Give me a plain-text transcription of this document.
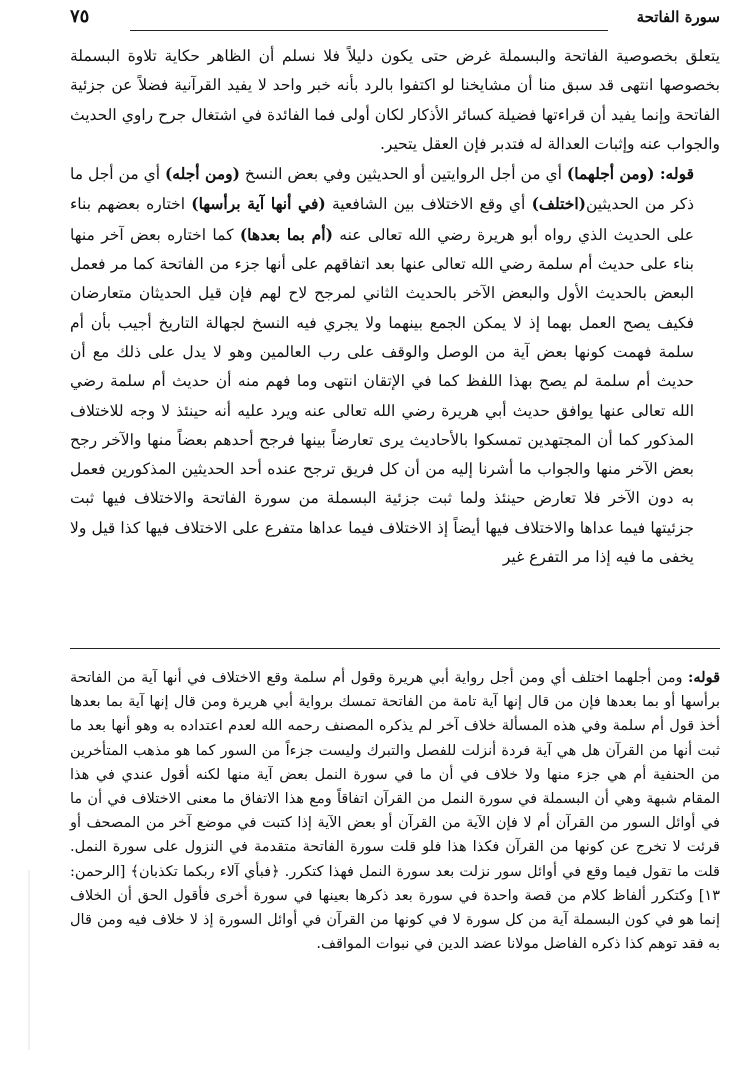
سورة الفاتحة
٧٥

يتعلق بخصوصية الفاتحة والبسملة غرض حتى يكون دليلاً فلا نسلم أن الظاهر حكاية تلاوة البسملة بخصوصها انتهى قد سبق منا أن مشايخنا لو اكتفوا بالرد بأنه خبر واحد لا يفيد القرآنية فضلاً عن جزئية الفاتحة وإنما يفيد أن قراءتها فضيلة كسائر الأذكار لكان أولى فما الفائدة في اشتغال جرح راوي الحديث والجواب عنه وإثبات العدالة له فتدبر فإن العقل يتحير.

قوله: (ومن أجلهما) أي من أجل الروايتين أو الحديثين وفي بعض النسخ (ومن أجله) أي من أجل ما ذكر من الحديثين(اختلف) أي وقع الاختلاف بين الشافعية (في أنها آية برأسها) اختاره بعضهم بناء على الحديث الذي رواه أبو هريرة رضي الله تعالى عنه (أم بما بعدها) كما اختاره بعض آخر منها بناء على حديث أم سلمة رضي الله تعالى عنها بعد اتفاقهم على أنها جزء من الفاتحة كما مر فعمل البعض بالحديث الأول والبعض الآخر بالحديث الثاني لمرجح لاح لهم فإن قيل الحديثان متعارضان فكيف يصح العمل بهما إذ لا يمكن الجمع بينهما ولا يجري فيه النسخ لجهالة التاريخ أجيب بأن أم سلمة فهمت كونها بعض آية من الوصل والوقف على رب العالمين وهو لا يدل على ذلك مع أن حديث أم سلمة لم يصح بهذا اللفظ كما في الإتقان انتهى وما فهم منه أن حديث أم سلمة رضي الله تعالى عنها يوافق حديث أبي هريرة رضي الله تعالى عنه ويرد عليه أنه حينئذ لا وجه للاختلاف المذكور كما أن المجتهدين تمسكوا بالأحاديث يرى تعارضاً بينها فرجح أحدهم بعضاً منها والآخر رجح بعض الآخر منها والجواب ما أشرنا إليه من أن كل فريق ترجح عنده أحد الحديثين المذكورين فعمل به دون الآخر فلا تعارض حينئذ ولما ثبت جزئية البسملة من سورة الفاتحة والاختلاف فيها ثبت جزئيتها فيما عداها والاختلاف فيها أيضاً إذ الاختلاف فيما عداها متفرع على الاختلاف فيها كذا قيل ولا يخفى ما فيه إذا مر التفرع غير

قوله: ومن أجلهما اختلف أي ومن أجل رواية أبي هريرة وقول أم سلمة وقع الاختلاف في أنها آية من الفاتحة برأسها أو بما بعدها فإن من قال إنها آية تامة من الفاتحة تمسك برواية أبي هريرة ومن قال إنها آية بما بعدها أخذ قول أم سلمة وفي هذه المسألة خلاف آخر لم يذكره المصنف رحمه الله لعدم اعتداده به وهو أنها بعد ما ثبت أنها من القرآن هل هي آية فردة أنزلت للفصل والتبرك وليست جزءاً من السور كما هو مذهب المتأخرين من الحنفية أم هي جزء منها ولا خلاف في أن ما في سورة النمل بعض آية منها لكنه أقول عندي في هذا المقام شبهة وهي أن البسملة في سورة النمل من القرآن اتفاقاً ومع هذا الاتفاق ما معنى الاختلاف في أن ما في أوائل السور من القرآن أم لا فإن الآية من القرآن أو بعض الآية إذا كتبت في موضع آخر من المصحف أو قرئت لا تخرج عن كونها من القرآن فكذا هذا فلو قلت سورة الفاتحة متقدمة في النزول على سورة النمل. قلت ما تقول فيما وقع في أوائل سور نزلت بعد سورة النمل فهذا كتكرر. ﴿فبأي آلاء ربكما تكذبان﴾ [الرحمن: ١٣] وكتكرر ألفاظ كلام من قصة واحدة في سورة بعد ذكرها بعينها في سورة أخرى فأقول الحق أن الخلاف إنما هو في كون البسملة آية من كل سورة لا في كونها من القرآن في أوائل السورة إذ لا خلاف فيه ومن قال به فقد توهم كذا ذكره الفاضل مولانا عضد الدين في نبوات المواقف.
